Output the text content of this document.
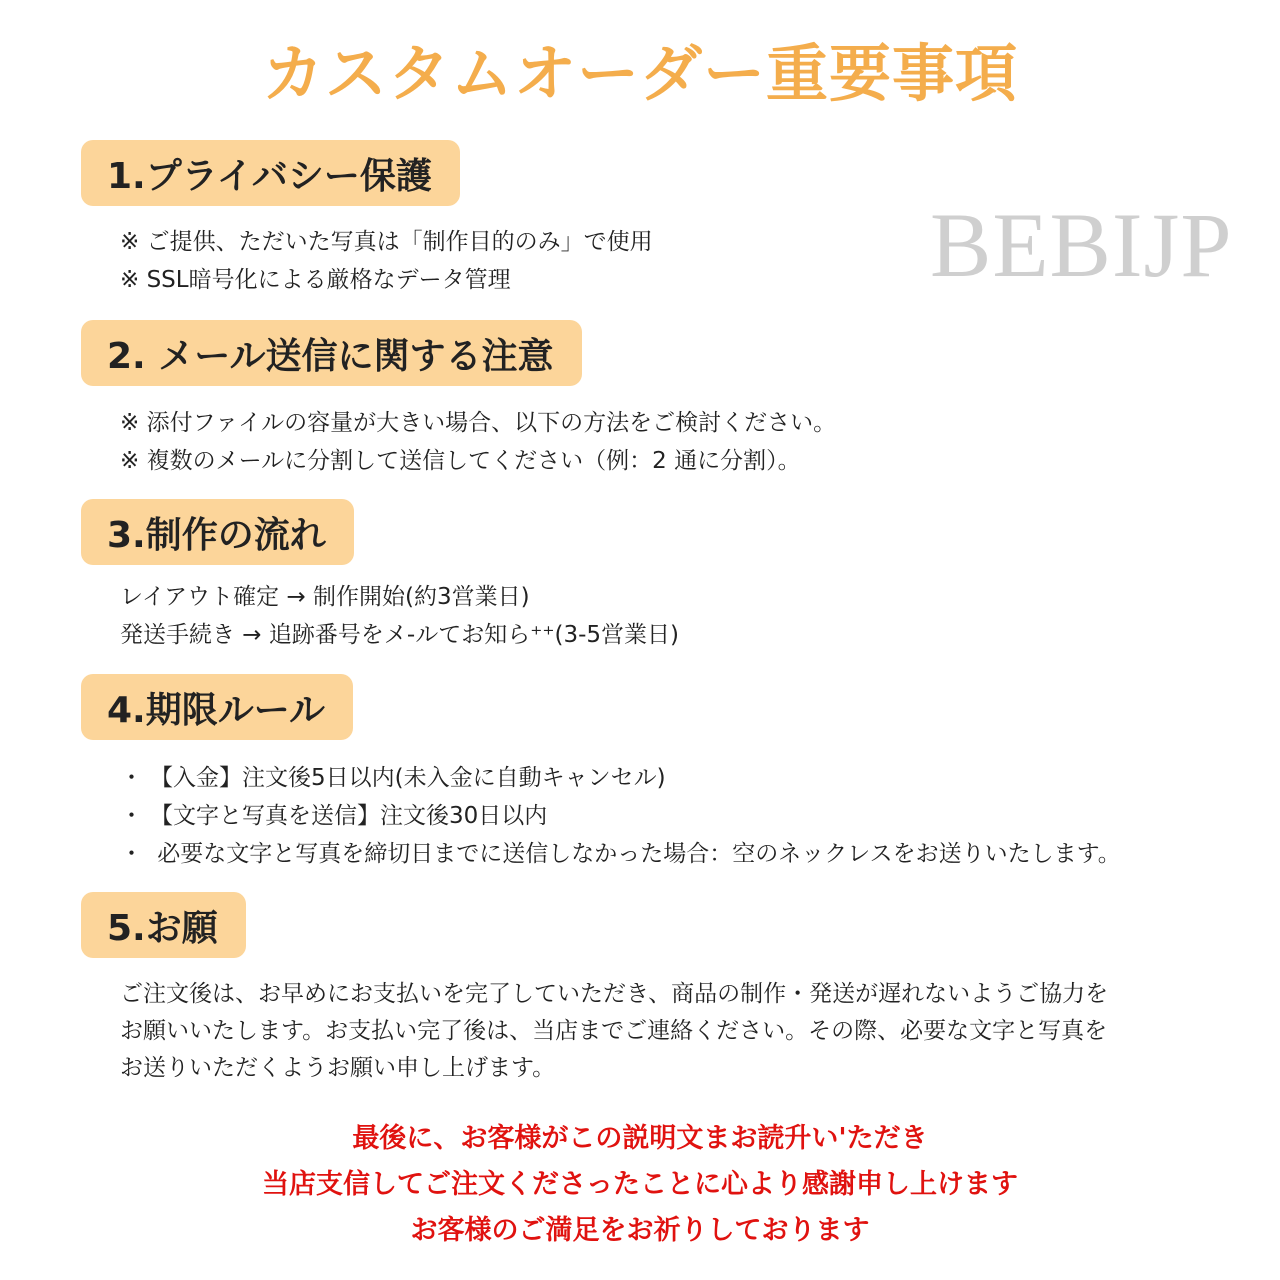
カスタムオーダー重要事項
BEBIJP
1.プライバシー保護
※ ご提供、ただいた写真は「制作目的のみ」で使用
※ SSL暗号化による厳格なデータ管理
2. メール送信に関する注意
※ 添付ファイルの容量が大きい場合、以下の方法をご検討ください。
※ 複数のメールに分割して送信してください（例：2 通に分割）。
3.制作の流れ
レイアウト確定 → 制作開始(約3営業日)
発送手続き → 追跡番号をメ-ルてお知ら⁺⁺(3-5営業日)
4.期限ルール
・ 【入金】注文後5日以内(未入金に自動キャンセル)
・ 【文字と写真を送信】注文後30日以内
・ 必要な文字と写真を締切日までに送信しなかった場合：空のネックレスをお送りいたします。
5.お願
ご注文後は、お早めにお支払いを完了していただき、商品の制作・発送が遅れないようご協力を
お願いいたします。お支払い完了後は、当店までご連絡ください。その際、必要な文字と写真を
お送りいただくようお願い申し上げます。
最後に、お客様がこの説明文まお読升い'ただき
当店支信してご注文くださったことに心より感謝申し上けます
お客様のご満足をお祈りしております
